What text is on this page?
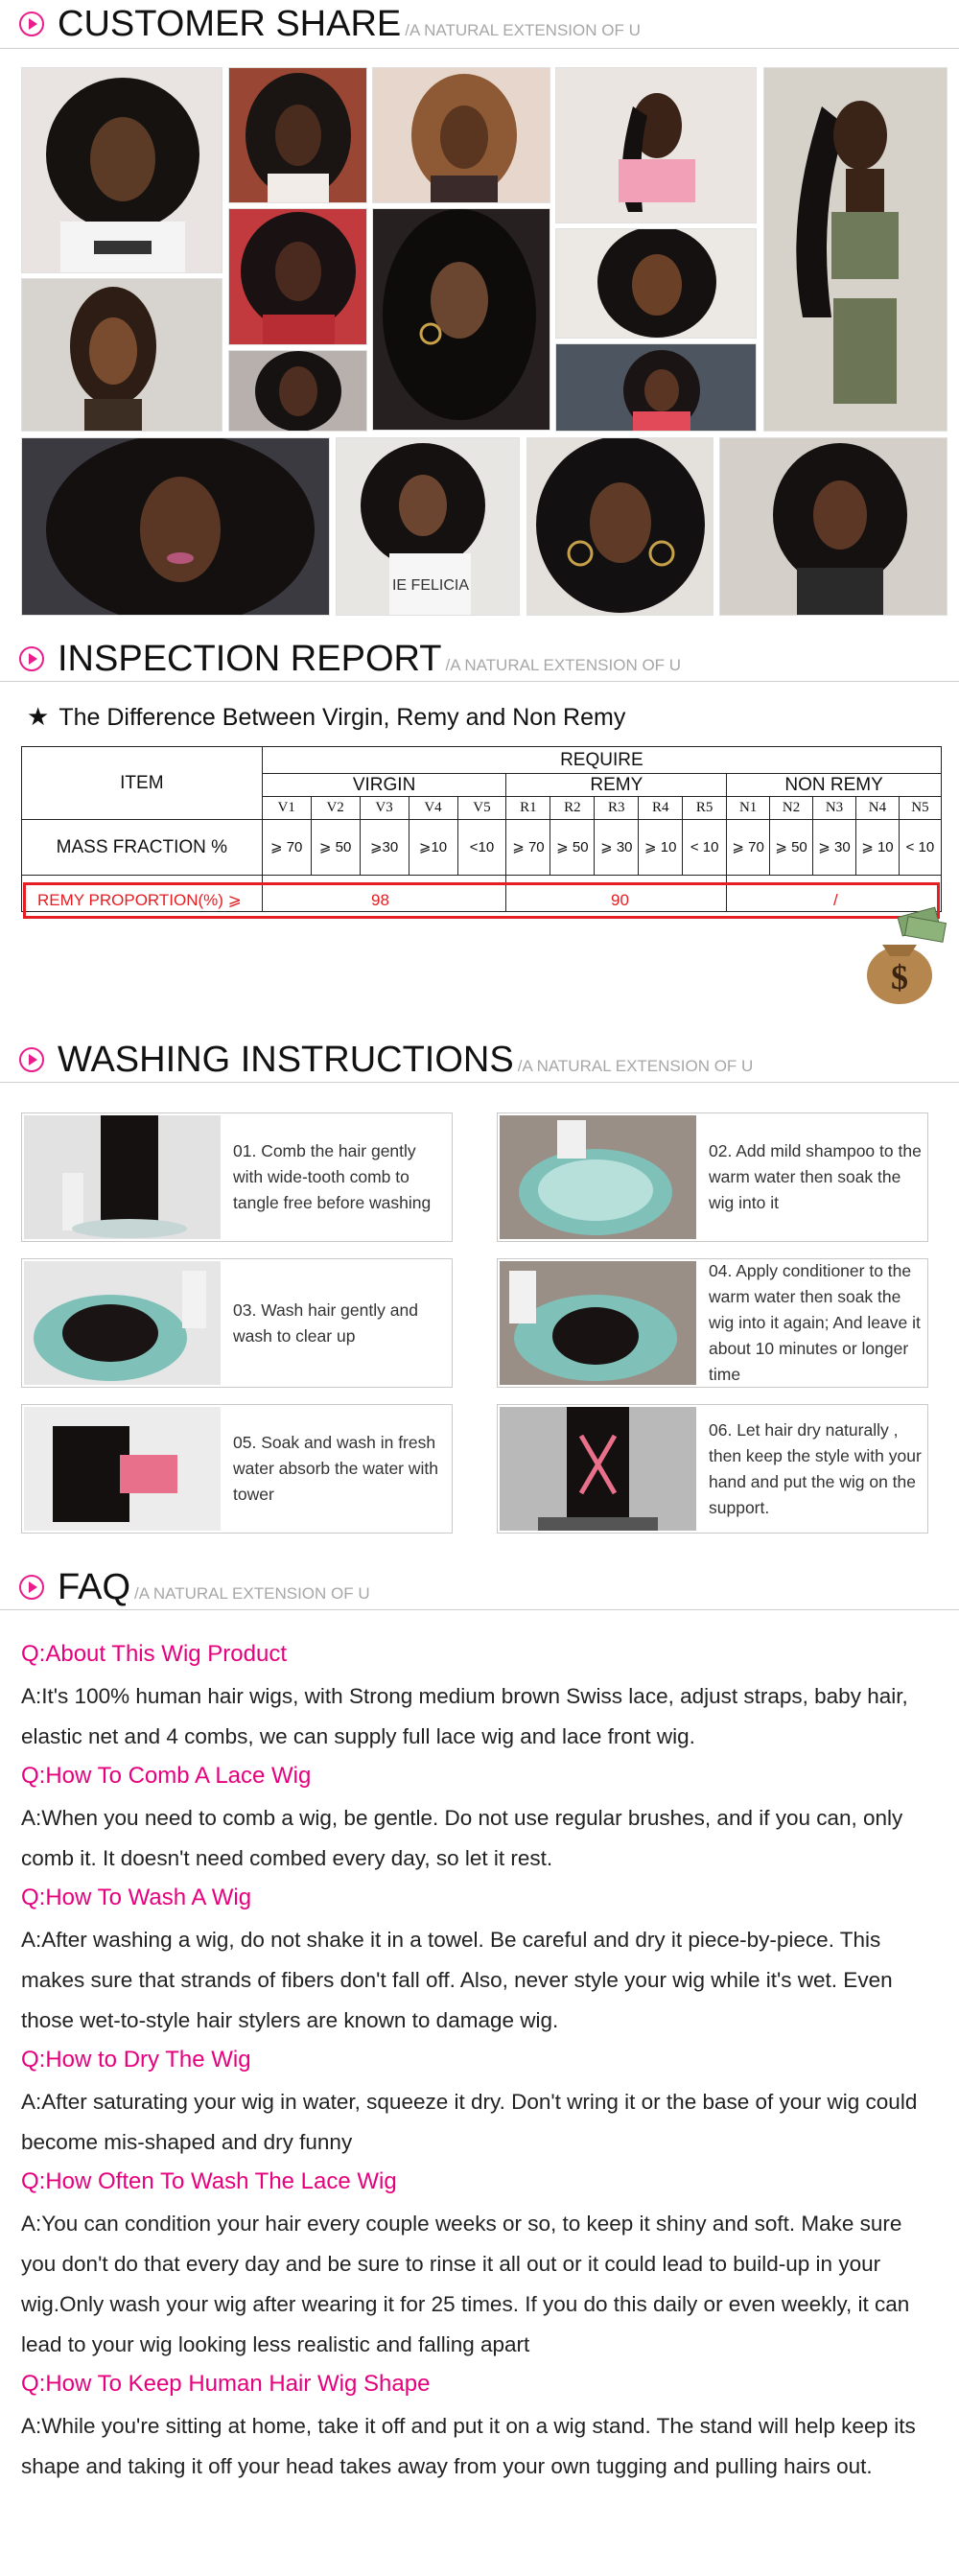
CUSTOMER SHARE /A NATURAL EXTENSION OF U
IE FELICIA
INSPECTION REPORT /A NATURAL EXTENSION OF U
★ The Difference Between Virgin, Remy and Non Remy
ITEM	REQUIRE														
	VIRGIN					REMY					NON REMY				
	V1	V2	V3	V4	V5	R1	R2	R3	R4	R5	N1	N2	N3	N4	N5
MASS FRACTION %	⩾ 70	⩾ 50	⩾30	⩾10	<10	⩾ 70	⩾ 50	⩾ 30	⩾ 10	< 10	⩾ 70	⩾ 50	⩾ 30	⩾ 10	< 10

REMY PROPORTION(%) ⩾	98	90	/
$
WASHING INSTRUCTIONS /A NATURAL EXTENSION OF U
01. Comb the hair gently with wide-tooth comb to tangle free before washing
02. Add mild shampoo to the warm water then soak the wig into it
03. Wash hair gently and wash to clear up
04. Apply conditioner to the warm water then soak the wig into it again; And leave it about 10 minutes or longer time
05. Soak and wash in fresh water absorb the water with tower
06. Let hair dry naturally , then keep the style with your hand and put the wig on the support.
FAQ /A NATURAL EXTENSION OF U
Q:About This Wig Product
A:It's 100% human hair wigs, with Strong medium brown Swiss lace, adjust straps, baby hair, elastic net and 4 combs, we can supply full lace wig and lace front wig.
Q:How To Comb A Lace Wig
A:When you need to comb a wig, be gentle. Do not use regular brushes, and if you can, only comb it. It doesn't need combed every day, so let it rest.
Q:How To Wash A Wig
A:After washing a wig, do not shake it in a towel. Be careful and dry it piece-by-piece. This makes sure that strands of fibers don't fall off. Also, never style your wig while it's wet. Even those wet-to-style hair stylers are known to damage wig.
Q:How to Dry The Wig
A:After saturating your wig in water, squeeze it dry. Don't wring it or the base of your wig could become mis-shaped and dry funny
Q:How Often To Wash The Lace Wig
A:You can condition your hair every couple weeks or so, to keep it shiny and soft. Make sure you don't do that every day and be sure to rinse it all out or it could lead to build-up in your wig.Only wash your wig after wearing it for 25 times. If you do this daily or even weekly, it can lead to your wig looking less realistic and falling apart
Q:How To Keep Human Hair Wig Shape
A:While you're sitting at home, take it off and put it on a wig stand. The stand will help keep its shape and taking it off your head takes away from your own tugging and pulling hairs out.
